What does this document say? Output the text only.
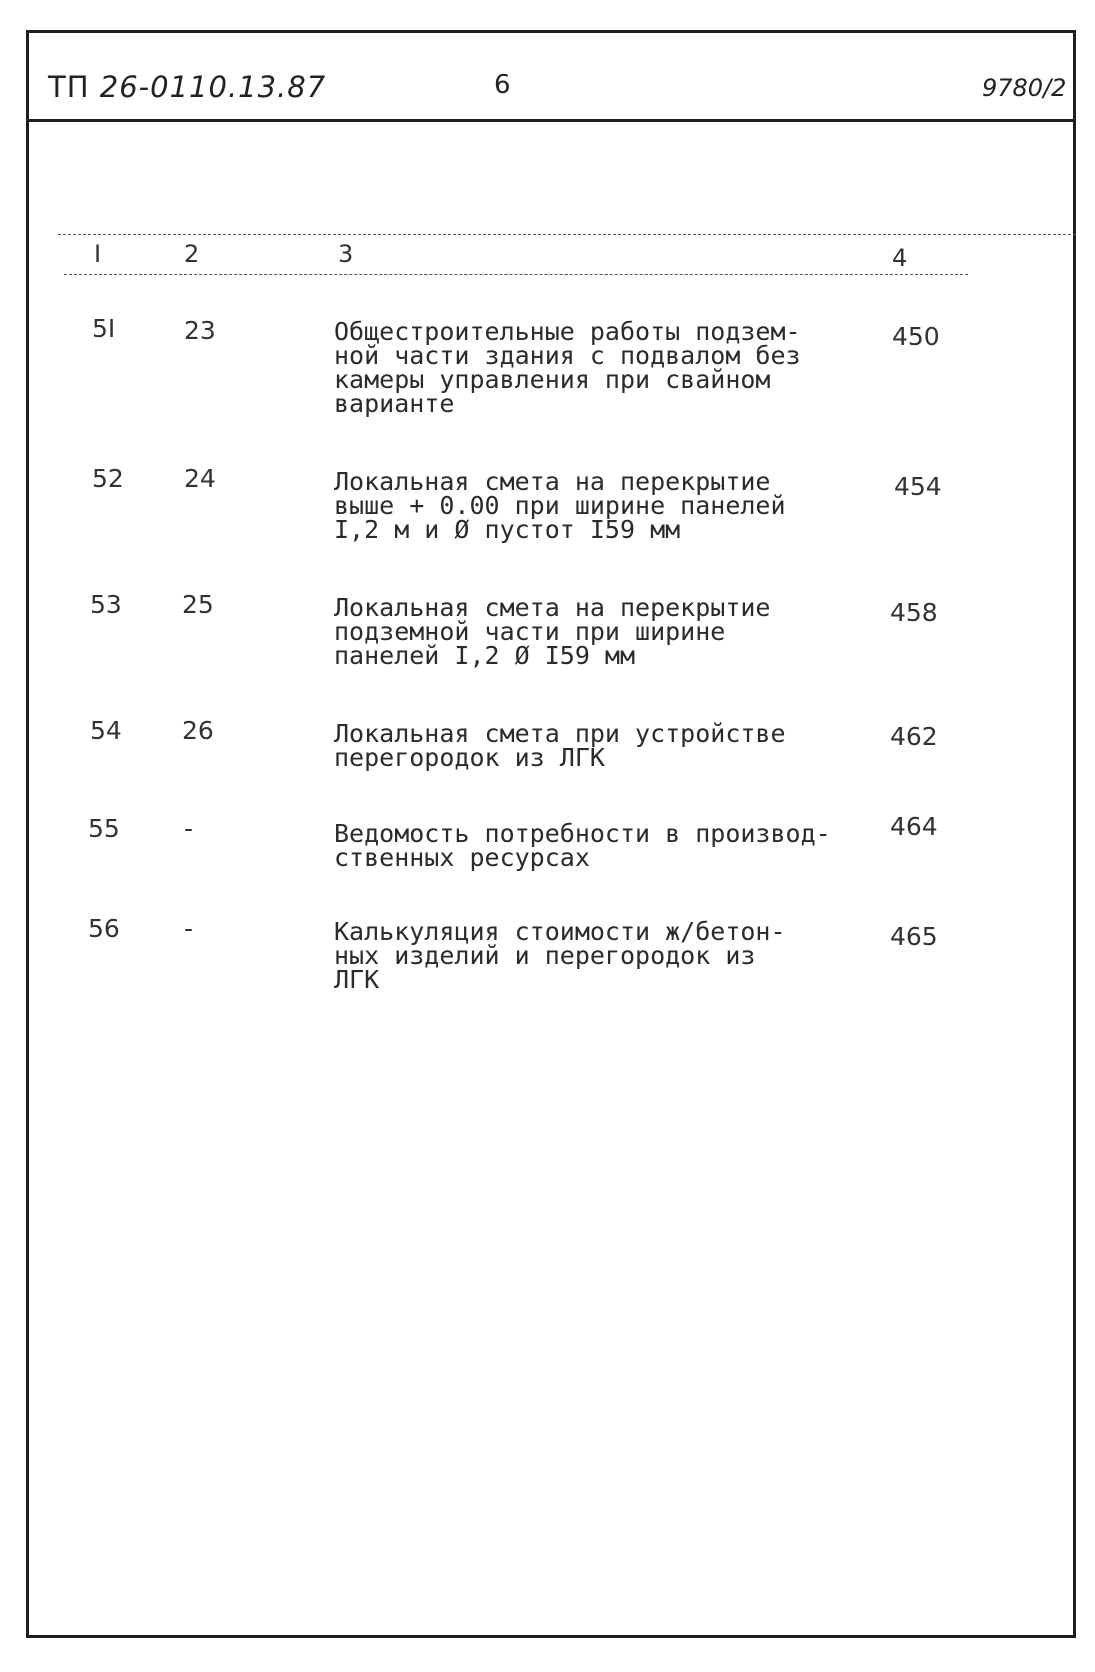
ТП 26-0110.13.87	6	9780/2
I	2	3	4
5I	23	Общестроительные работы подзем-
ной части здания с подвалом без
камеры управления при свайном
варианте
450
52 24	Локальная смета на перекрытие
выше + 0.00 при ширине панелей
I,2 м и Ø пустот I59 мм
454
53 25	Локальная смета на перекрытие
подземной части при ширине
панелей I,2 Ø I59 мм
458
54 26	Локальная смета при устройстве
перегородок из ЛГК
462
55	-	Ведомость потребности в производ-
ственных ресурсах
464
56	-	Калькуляция стоимости ж/бетон-
ных изделий и перегородок из
ЛГК
465
